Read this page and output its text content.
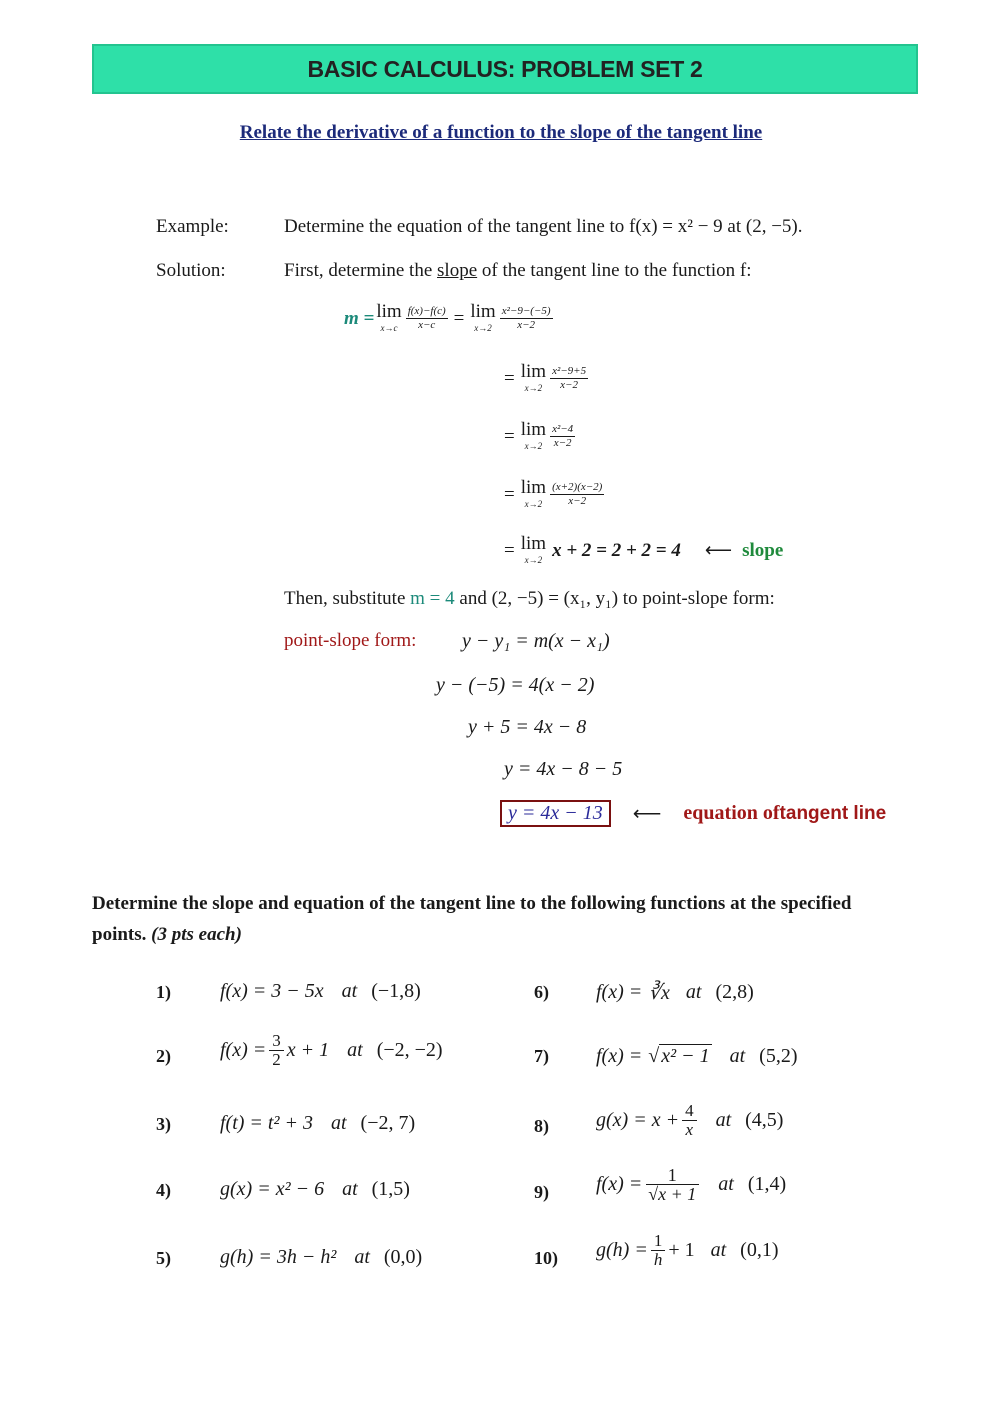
BASIC CALCULUS: PROBLEM SET 2
Relate the derivative of a function to the slope of the tangent line
Example:	Determine the equation of the tangent line to f(x) = x² − 9 at (2, −5).
Solution:	First, determine the slope of the tangent line to the function f:
m = lim
$x\to c \frac{f(x)-f(c)}{x-c} = \lim$
$x\to 2 \frac{\text{x²−9−(−5)}}{x-2}$
= lim
$x\to 2 \frac{\text{x²−9+5}}{x-2}$
= lim
$x\to 2 \frac{\text{x²−4}}{x-2}$
= lim
$x\to 2 \frac{(x+2)(x-2)}{x-2}$
= lim
x→2 x + 2 = 2 + 2 = 4 ⟵ slope
Then, substitute m = 4 and (2, −5) = (x₁, y₁) to point-slope form:
point-slope form: y − y₁ = m(x − x₁)
y − (−5) = 4(x − 2)
y + 5 = 4x − 8
y = 4x − 8 − 5
y = 4x − 13	⟵ equation of tangent line
Determine the slope and equation of the tangent line to the following functions at the specified points. (3 pts each)
1) f(x) = 3 − 5x at (−1,8)
2) $f(x) = \frac{3}{2}$ x + 1 at (−2, −2)
3) f(t) = t² + 3 at (−2, 7)
4) g(x) = x² − 6 at (1,5)
5) g(h) = 3h − h² at (0,0)
6) f(x) = ∛x at (2,8)
7) f(x) = √ x² − 1 at (5,2)
8) $g(x) = x + \frac{4}{x}$ at (4,5)
9) $f(x) = \frac{1}{√x + 1}$ at (1,4)
10) $g(h) = \frac{1}{h} + 1$ at (0,1)
